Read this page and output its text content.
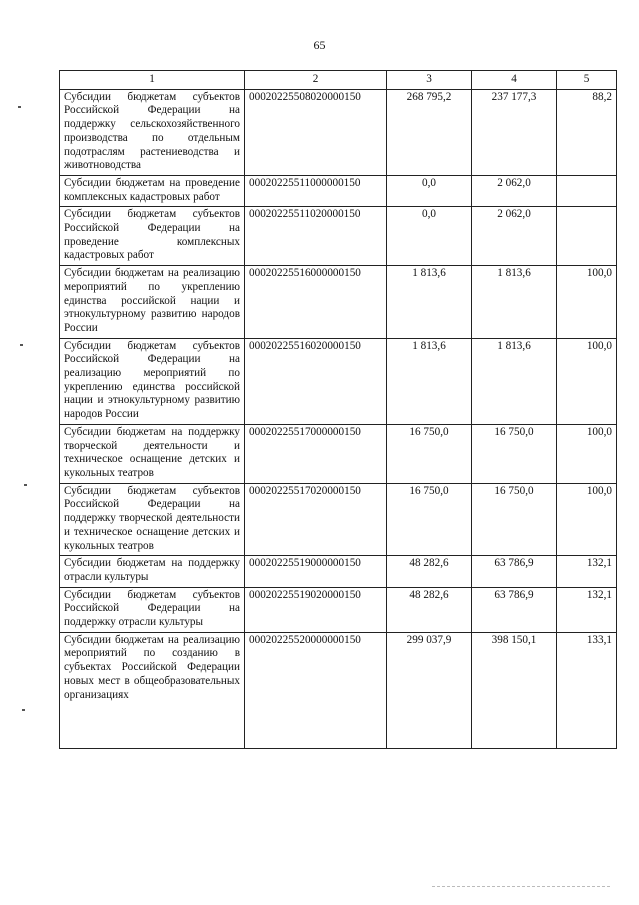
65
1	2	3	4	5
Субсидии бюджетам субъектов Российской Федерации на поддержку сельскохозяйственного производства по отдельным подотраслям растениеводства и животноводства	00020225508020000150	268 795,2	237 177,3	88,2
Субсидии бюджетам на проведение комплексных кадастровых работ	00020225511000000150	0,0	2 062,0	
Субсидии бюджетам субъектов Российской Федерации на проведение комплексных кадастровых работ	00020225511020000150	0,0	2 062,0	
Субсидии бюджетам на реализацию мероприятий по укреплению единства российской нации и этнокультурному развитию народов России	00020225516000000150	1 813,6	1 813,6	100,0
Субсидии бюджетам субъектов Российской Федерации на реализацию мероприятий по укреплению единства российской нации и этнокультурному развитию народов России	00020225516020000150	1 813,6	1 813,6	100,0
Субсидии бюджетам на поддержку творческой деятельности и техническое оснащение детских и кукольных театров	00020225517000000150	16 750,0	16 750,0	100,0
Субсидии бюджетам субъектов Российской Федерации на поддержку творческой деятельности и техническое оснащение детских и кукольных театров	00020225517020000150	16 750,0	16 750,0	100,0
Субсидии бюджетам на поддержку отрасли культуры	00020225519000000150	48 282,6	63 786,9	132,1
Субсидии бюджетам субъектов Российской Федерации на поддержку отрасли культуры	00020225519020000150	48 282,6	63 786,9	132,1
Субсидии бюджетам на реализацию мероприятий по созданию в субъектах Российской Федерации новых мест в общеобразовательных организациях	00020225520000000150	299 037,9	398 150,1	133,1
